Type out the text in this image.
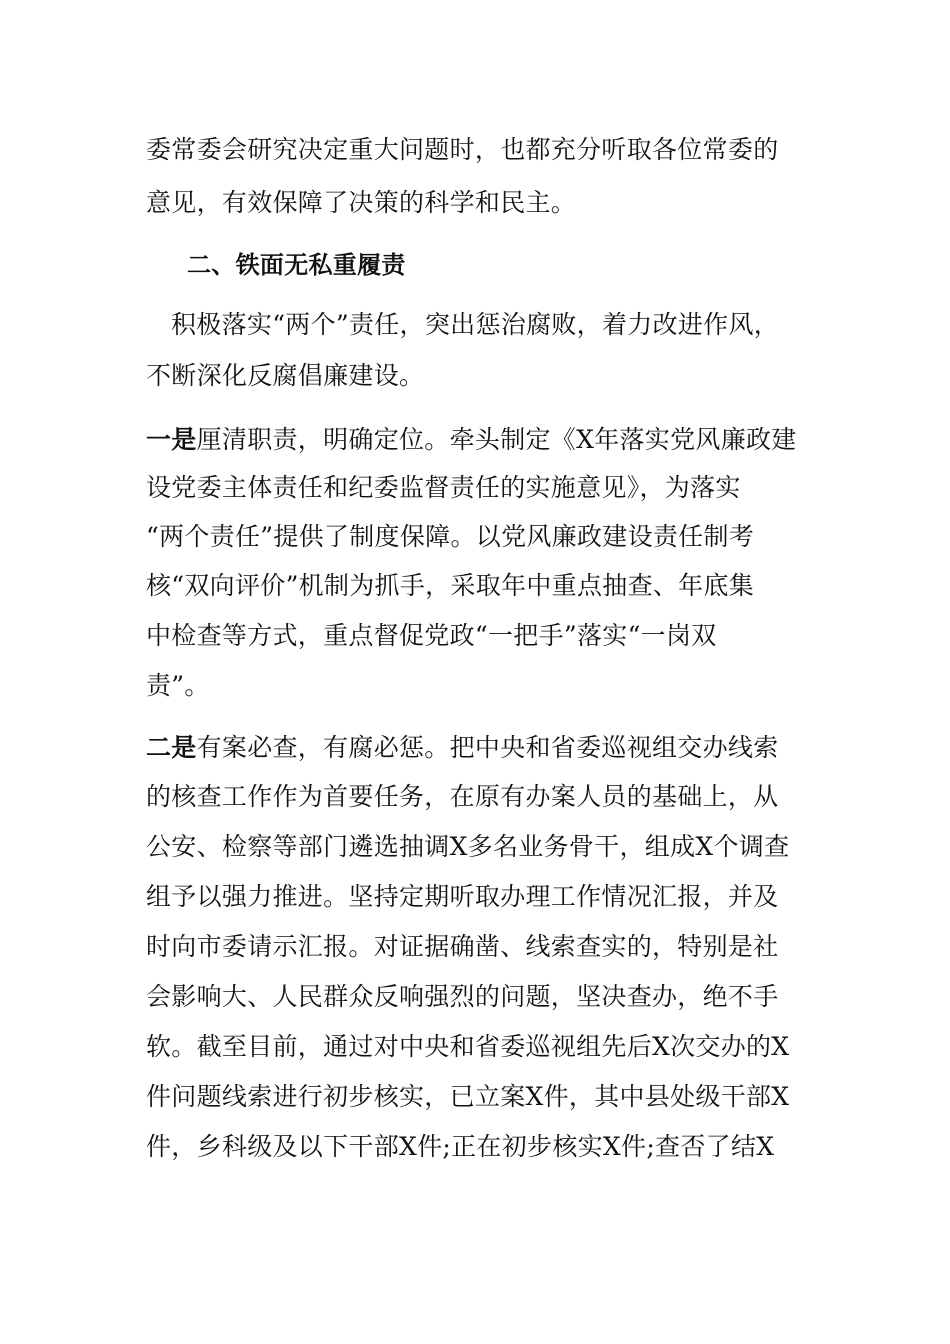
委常委会研究决定重大问题时，也都充分听取各位常委的
意见，有效保障了决策的科学和民主。
二、铁面无私重履责
积极落实“两个”责任，突出惩治腐败，着力改进作风，
不断深化反腐倡廉建设。
一是厘清职责，明确定位。牵头制定《X年落实党风廉政建
设党委主体责任和纪委监督责任的实施意见》，为落实
“两个责任”提供了制度保障。以党风廉政建设责任制考
核“双向评价”机制为抓手，采取年中重点抽查、年底集
中检查等方式，重点督促党政“一把手”落实“一岗双
责”。
二是有案必查，有腐必惩。把中央和省委巡视组交办线索
的核查工作作为首要任务，在原有办案人员的基础上，从
公安、检察等部门遴选抽调X多名业务骨干，组成X个调查
组予以强力推进。坚持定期听取办理工作情况汇报，并及
时向市委请示汇报。对证据确凿、线索查实的，特别是社
会影响大、人民群众反响强烈的问题，坚决查办，绝不手
软。截至目前，通过对中央和省委巡视组先后X次交办的X
件问题线索进行初步核实，已立案X件，其中县处级干部X
件，乡科级及以下干部X件;正在初步核实X件;查否了结X
